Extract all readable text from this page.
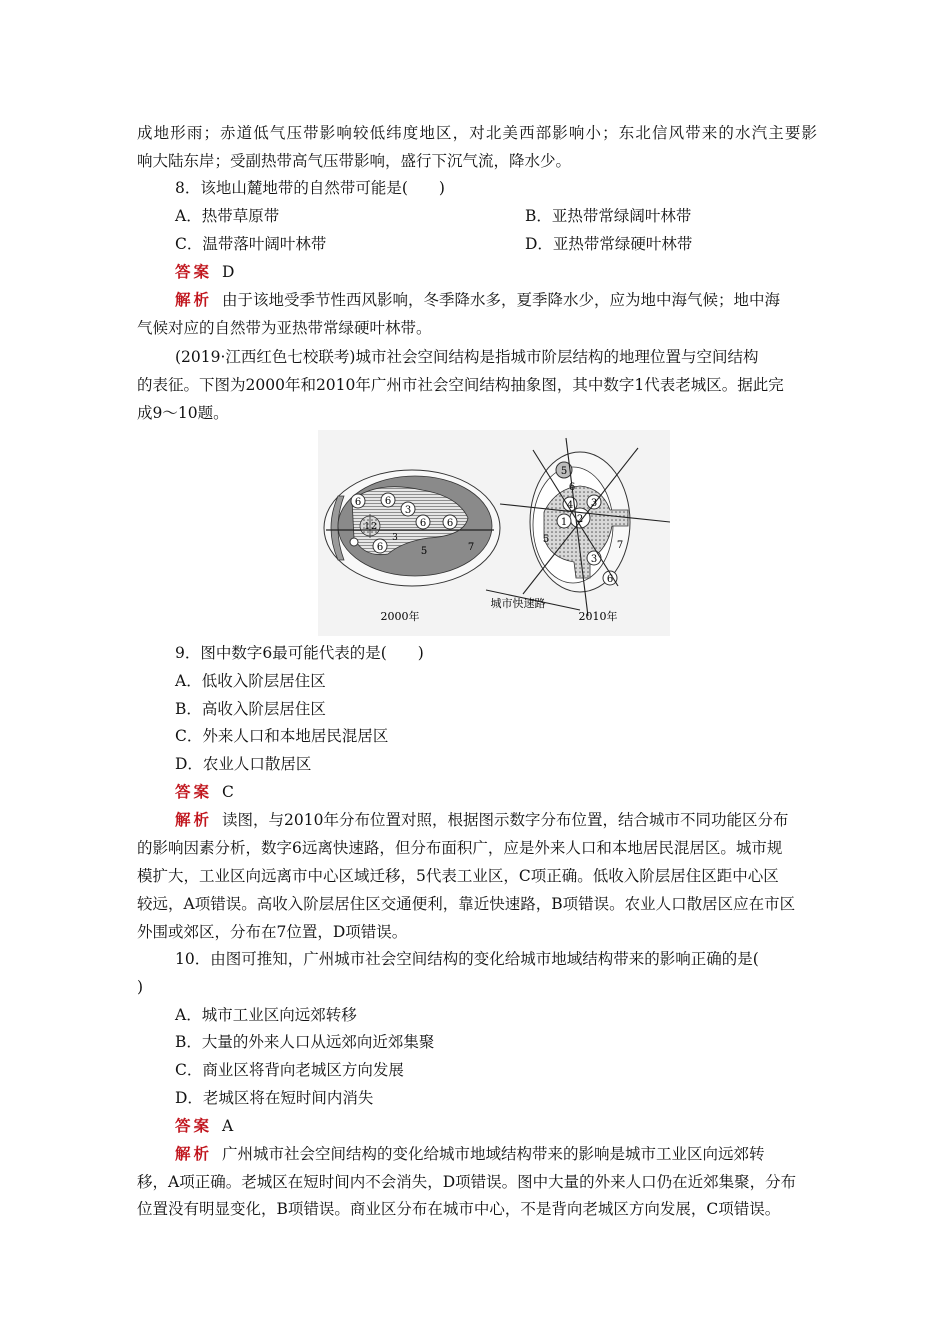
成地形雨；赤道低气压带影响较低纬度地区，对北美西部影响小；东北信风带来的水汽主要影
响大陆东岸；受副热带高气压带影响，盛行下沉气流，降水少。
8．该地山麓地带的自然带可能是(　　)
A．热带草原带	B．亚热带常绿阔叶林带
C．温带落叶阔叶林带	D．亚热带常绿硬叶林带
答案 D
解析 由于该地受季节性西风影响，冬季降水多，夏季降水少，应为地中海气候；地中海
气候对应的自然带为亚热带常绿硬叶林带。
(2019·江西红色七校联考)城市社会空间结构是指城市阶层结构的地理位置与空间结构
的表征。下图为2000年和2010年广州市社会空间结构抽象图，其中数字1代表老城区。据此完
成9～10题。
6 6
3
6 6
6
1 2
3
5	7
2000年
2
1
4 3
5
3
6
6
5
7
城市快速路
2010年
9．图中数字6最可能代表的是(　　)
A．低收入阶层居住区
B．高收入阶层居住区
C．外来人口和本地居民混居区
D．农业人口散居区
答案 C
解析 读图，与2010年分布位置对照，根据图示数字分布位置，结合城市不同功能区分布
的影响因素分析，数字6远离快速路，但分布面积广，应是外来人口和本地居民混居区。城市规
模扩大，工业区向远离市中心区域迁移，5代表工业区，C项正确。低收入阶层居住区距中心区
较远，A项错误。高收入阶层居住区交通便利，靠近快速路，B项错误。农业人口散居区应在市区
外围或郊区，分布在7位置，D项错误。
10．由图可推知，广州城市社会空间结构的变化给城市地域结构带来的影响正确的是(
)
A．城市工业区向远郊转移
B．大量的外来人口从远郊向近郊集聚
C．商业区将背向老城区方向发展
D．老城区将在短时间内消失
答案 A
解析 广州城市社会空间结构的变化给城市地域结构带来的影响是城市工业区向远郊转
移，A项正确。老城区在短时间内不会消失，D项错误。图中大量的外来人口仍在近郊集聚，分布
位置没有明显变化，B项错误。商业区分布在城市中心，不是背向老城区方向发展，C项错误。
